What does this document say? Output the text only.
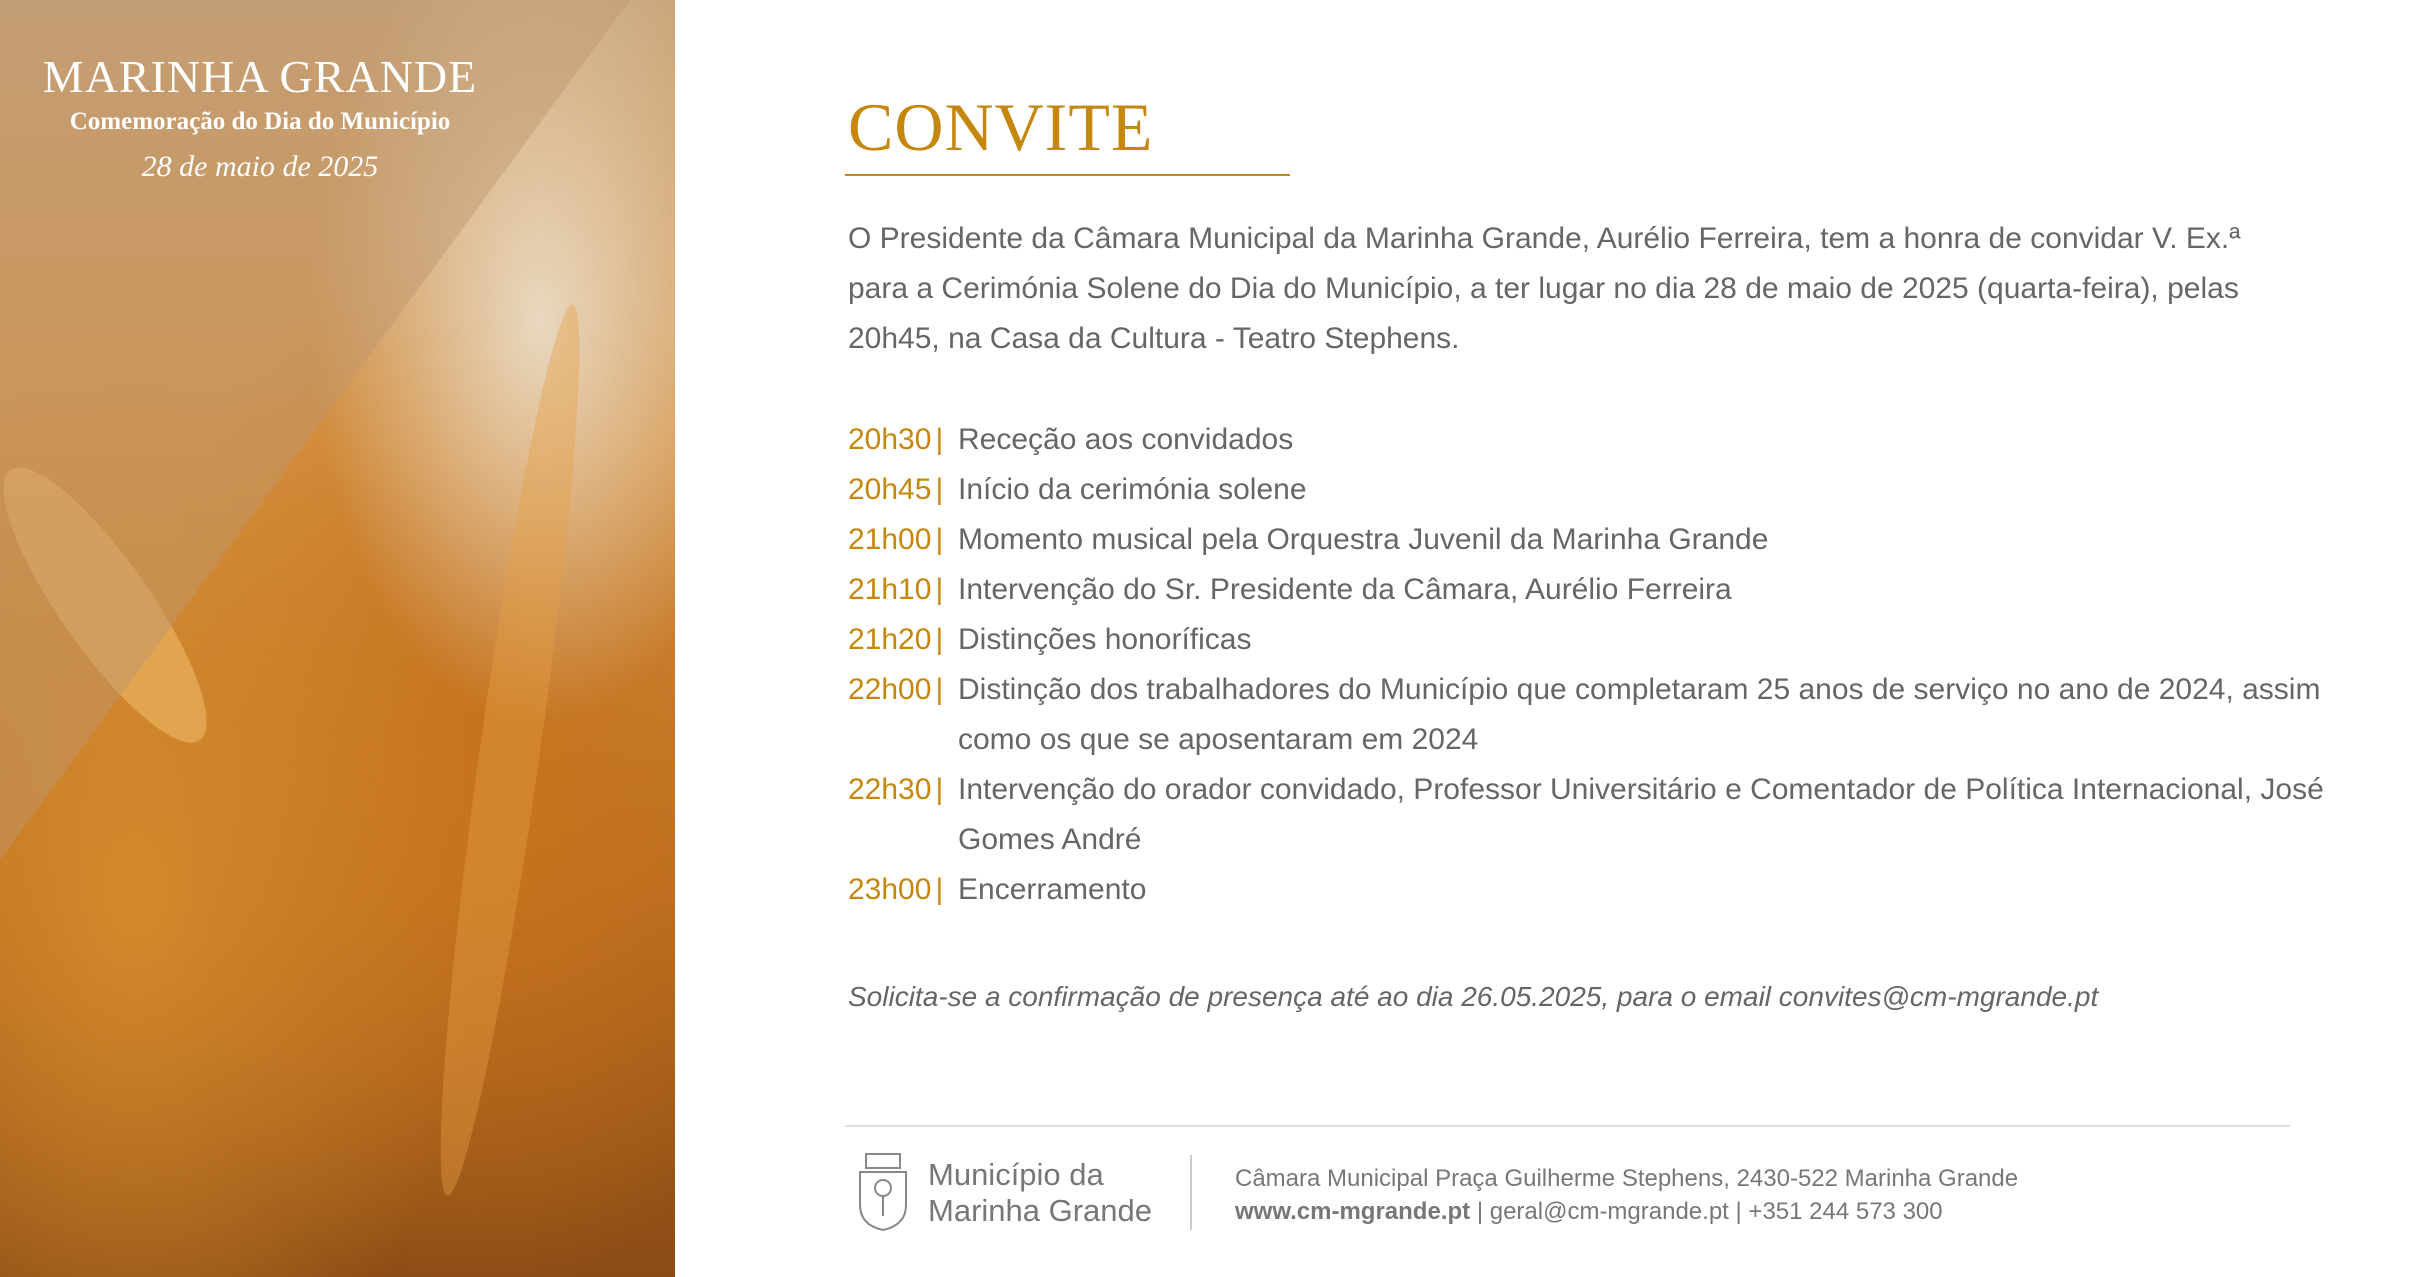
MARINHA GRANDE
Comemoração do Dia do Município
28 de maio de 2025
CONVITE
O Presidente da Câmara Municipal da Marinha Grande, Aurélio Ferreira, tem a honra de convidar V. Ex.ª para a Cerimónia Solene do Dia do Município, a ter lugar no dia 28 de maio de 2025 (quarta-feira), pelas 20h45, na Casa da Cultura - Teatro Stephens.
20h30 | Receção aos convidados
20h45 | Início da cerimónia solene
21h00 | Momento musical pela Orquestra Juvenil da Marinha Grande
21h10 | Intervenção do Sr. Presidente da Câmara, Aurélio Ferreira
21h20 | Distinções honoríficas
22h00 | Distinção dos trabalhadores do Município que completaram 25 anos de serviço no ano de 2024, assim como os que se aposentaram em 2024
22h30 | Intervenção do orador convidado, Professor Universitário e Comentador de Política Internacional, José Gomes André
23h00 | Encerramento
Solicita-se a confirmação de presença até ao dia 26.05.2025, para o email convites@cm-mgrande.pt
Município da
Marinha Grande
Câmara Municipal Praça Guilherme Stephens, 2430-522 Marinha Grande
www.cm-mgrande.pt | geral@cm-mgrande.pt | +351 244 573 300
